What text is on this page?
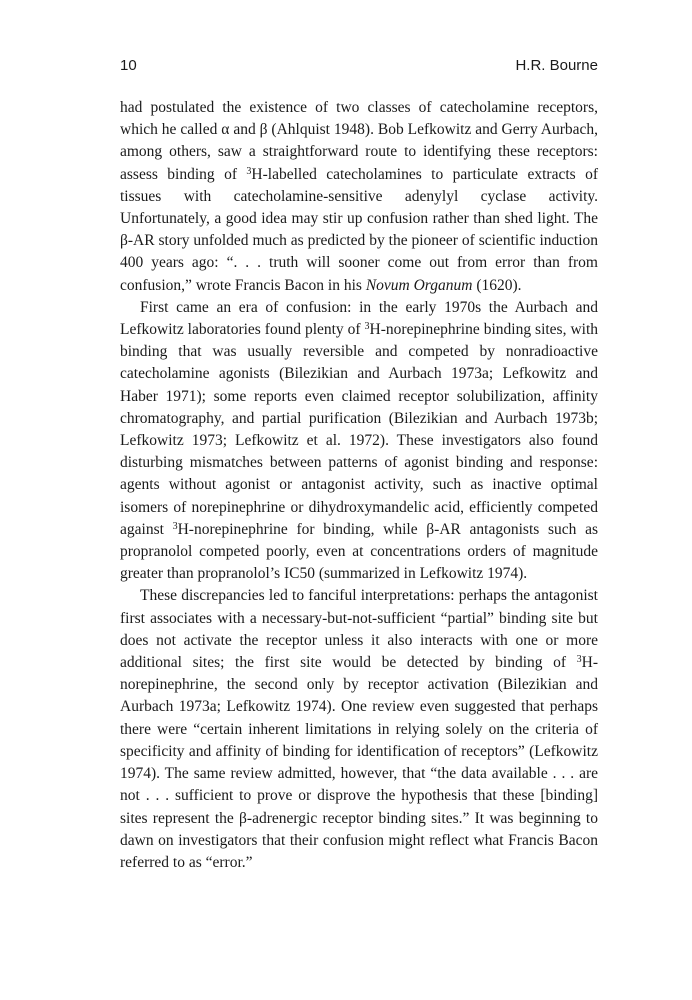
10	H.R. Bourne

had postulated the existence of two classes of catecholamine receptors, which he called α and β (Ahlquist 1948). Bob Lefkowitz and Gerry Aurbach, among others, saw a straightforward route to identifying these receptors: assess binding of $^3$H-labelled catecholamines to particulate extracts of tissues with catecholamine-sensitive adenylyl cyclase activity. Unfortunately, a good idea may stir up confusion rather than shed light. The β-AR story unfolded much as predicted by the pioneer of scientific induction 400 years ago: “. . . truth will sooner come out from error than from confusion,” wrote Francis Bacon in his Novum Organum (1620).

First came an era of confusion: in the early 1970s the Aurbach and Lefkowitz laboratories found plenty of $^3$H-norepinephrine binding sites, with binding that was usually reversible and competed by nonradioactive catecholamine agonists (Bilezikian and Aurbach 1973a; Lefkowitz and Haber 1971); some reports even claimed receptor solubilization, affinity chromatography, and partial purification (Bilezikian and Aurbach 1973b; Lefkowitz 1973; Lefkowitz et al. 1972). These investigators also found disturbing mismatches between patterns of agonist binding and response: agents without agonist or antagonist activity, such as inactive optimal isomers of norepinephrine or dihydroxymandelic acid, efficiently competed against $^3$H-norepinephrine for binding, while β-AR antagonists such as propranolol competed poorly, even at concentrations orders of magnitude greater than propranolol’s IC50 (summarized in Lefkowitz 1974).

These discrepancies led to fanciful interpretations: perhaps the antagonist first associates with a necessary-but-not-sufficient “partial” binding site but does not activate the receptor unless it also interacts with one or more additional sites; the first site would be detected by binding of $^3$H-norepinephrine, the second only by receptor activation (Bilezikian and Aurbach 1973a; Lefkowitz 1974). One review even suggested that perhaps there were “certain inherent limitations in relying solely on the criteria of specificity and affinity of binding for identification of receptors” (Lefkowitz 1974). The same review admitted, however, that “the data available . . . are not . . . sufficient to prove or disprove the hypothesis that these [binding] sites represent the β-adrenergic receptor binding sites.” It was beginning to dawn on investigators that their confusion might reflect what Francis Bacon referred to as “error.”
